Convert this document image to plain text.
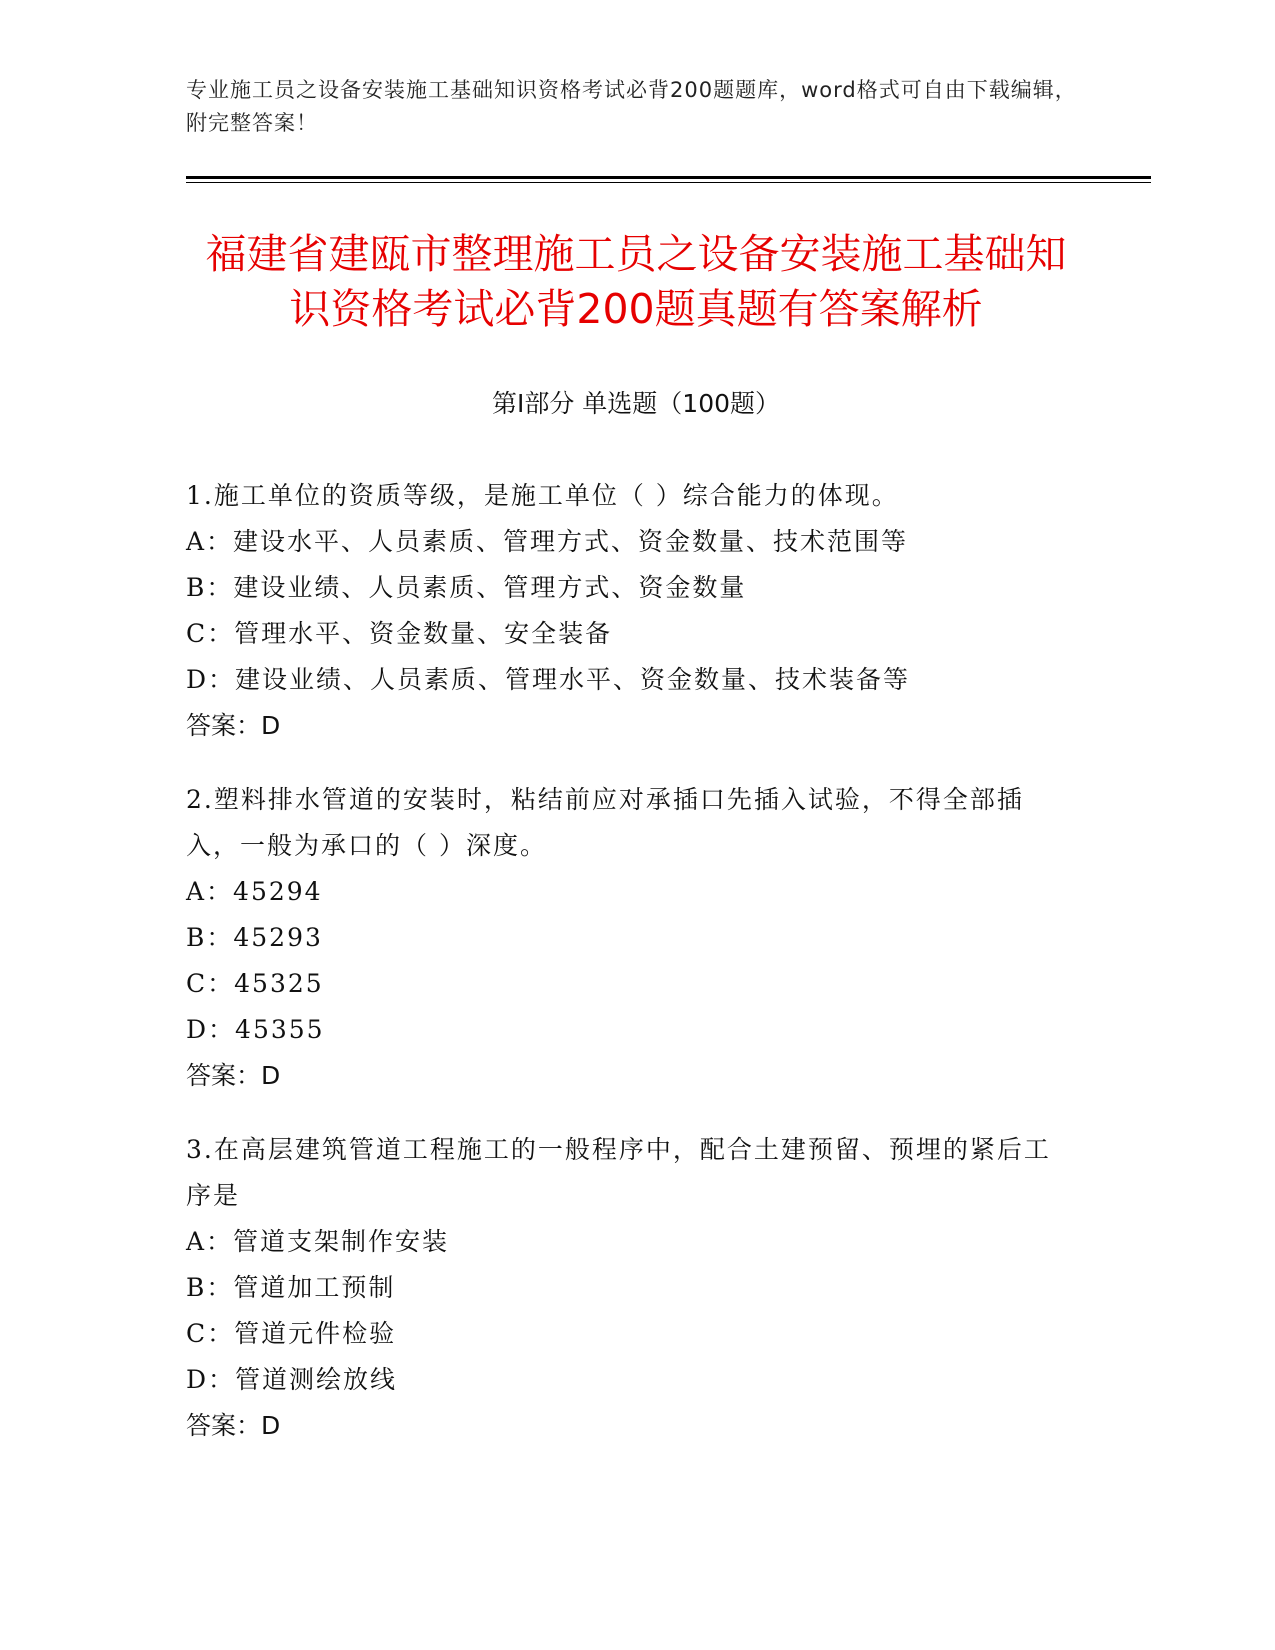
专业施工员之设备安装施工基础知识资格考试必背200题题库，word格式可自由下载编辑，附完整答案！
福建省建瓯市整理施工员之设备安装施工基础知识资格考试必背200题真题有答案解析
第Ⅰ部分 单选题（100题）
1.施工单位的资质等级，是施工单位（ ）综合能力的体现。
A：建设水平、人员素质、管理方式、资金数量、技术范围等
B：建设业绩、人员素质、管理方式、资金数量
C：管理水平、资金数量、安全装备
D：建设业绩、人员素质、管理水平、资金数量、技术装备等
答案：D
2.塑料排水管道的安装时，粘结前应对承插口先插入试验，不得全部插入，一般为承口的（ ）深度。
A：45294
B：45293
C：45325
D：45355
答案：D
3.在高层建筑管道工程施工的一般程序中，配合土建预留、预埋的紧后工序是
A：管道支架制作安装
B：管道加工预制
C：管道元件检验
D：管道测绘放线
答案：D
